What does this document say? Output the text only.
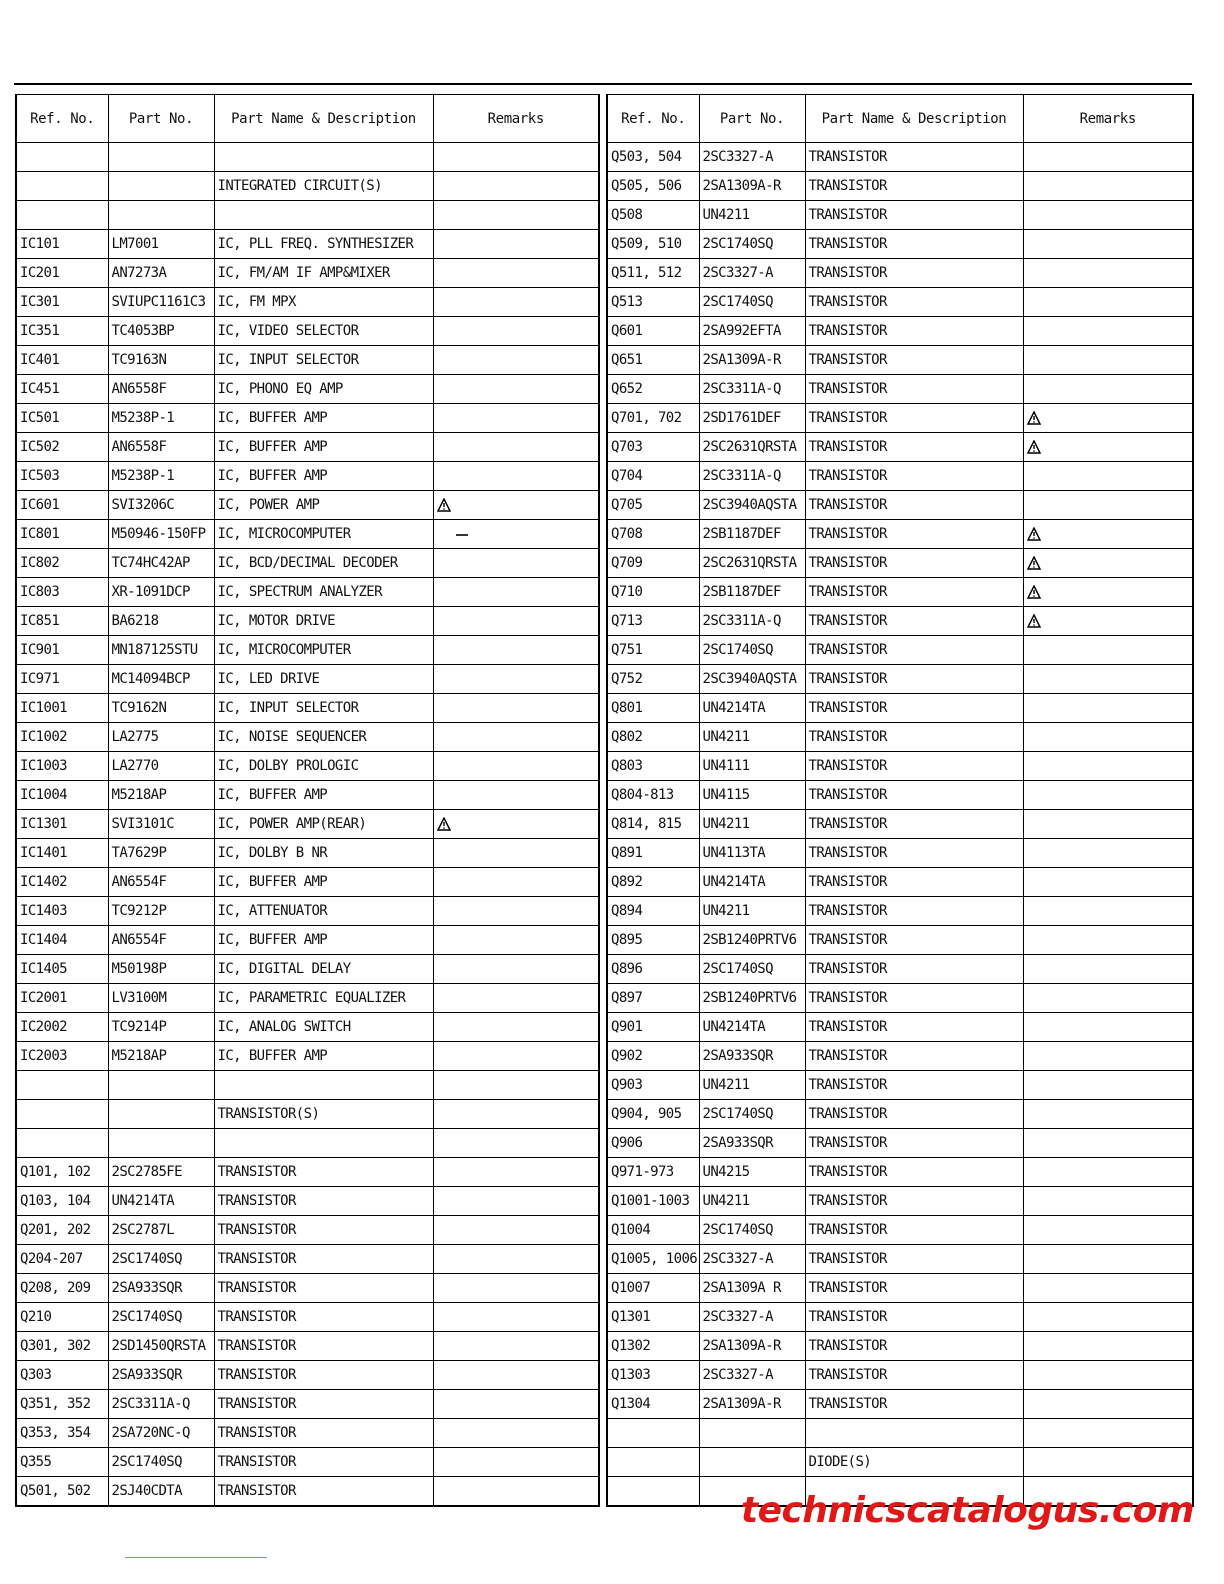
Ref. No.	Part No.	Part Name & Description	Remarks

		INTEGRATED CIRCUIT(S)	

IC101	LM7001	IC, PLL FREQ. SYNTHESIZER	
IC201	AN7273A	IC, FM/AM IF AMP&MIXER	
IC301	SVIUPC1161C3	IC, FM MPX	
IC351	TC4053BP	IC, VIDEO SELECTOR	
IC401	TC9163N	IC, INPUT SELECTOR	
IC451	AN6558F	IC, PHONO EQ AMP	
IC501	M5238P-1	IC, BUFFER AMP	
IC502	AN6558F	IC, BUFFER AMP	
IC503	M5238P-1	IC, BUFFER AMP	
IC601	SVI3206C	IC, POWER AMP	
IC801	M50946-150FP	IC, MICROCOMPUTER	
IC802	TC74HC42AP	IC, BCD/DECIMAL DECODER	
IC803	XR-1091DCP	IC, SPECTRUM ANALYZER	
IC851	BA6218	IC, MOTOR DRIVE	
IC901	MN187125STU	IC, MICROCOMPUTER	
IC971	MC14094BCP	IC, LED DRIVE	
IC1001	TC9162N	IC, INPUT SELECTOR	
IC1002	LA2775	IC, NOISE SEQUENCER	
IC1003	LA2770	IC, DOLBY PROLOGIC	
IC1004	M5218AP	IC, BUFFER AMP	
IC1301	SVI3101C	IC, POWER AMP(REAR)	
IC1401	TA7629P	IC, DOLBY B NR	
IC1402	AN6554F	IC, BUFFER AMP	
IC1403	TC9212P	IC, ATTENUATOR	
IC1404	AN6554F	IC, BUFFER AMP	
IC1405	M50198P	IC, DIGITAL DELAY	
IC2001	LV3100M	IC, PARAMETRIC EQUALIZER	
IC2002	TC9214P	IC, ANALOG SWITCH	
IC2003	M5218AP	IC, BUFFER AMP	

		TRANSISTOR(S)	

Q101, 102	2SC2785FE	TRANSISTOR	
Q103, 104	UN4214TA	TRANSISTOR	
Q201, 202	2SC2787L	TRANSISTOR	
Q204-207	2SC1740SQ	TRANSISTOR	
Q208, 209	2SA933SQR	TRANSISTOR	
Q210	2SC1740SQ	TRANSISTOR	
Q301, 302	2SD1450QRSTA	TRANSISTOR	
Q303	2SA933SQR	TRANSISTOR	
Q351, 352	2SC3311A-Q	TRANSISTOR	
Q353, 354	2SA720NC-Q	TRANSISTOR	
Q355	2SC1740SQ	TRANSISTOR	
Q501, 502	2SJ40CDTA	TRANSISTOR	
Ref. No.	Part No.	Part Name & Description	Remarks
Q503, 504	2SC3327-A	TRANSISTOR	
Q505, 506	2SA1309A-R	TRANSISTOR	
Q508	UN4211	TRANSISTOR	
Q509, 510	2SC1740SQ	TRANSISTOR	
Q511, 512	2SC3327-A	TRANSISTOR	
Q513	2SC1740SQ	TRANSISTOR	
Q601	2SA992EFTA	TRANSISTOR	
Q651	2SA1309A-R	TRANSISTOR	
Q652	2SC3311A-Q	TRANSISTOR	
Q701, 702	2SD1761DEF	TRANSISTOR	
Q703	2SC2631QRSTA	TRANSISTOR	
Q704	2SC3311A-Q	TRANSISTOR	
Q705	2SC3940AQSTA	TRANSISTOR	
Q708	2SB1187DEF	TRANSISTOR	
Q709	2SC2631QRSTA	TRANSISTOR	
Q710	2SB1187DEF	TRANSISTOR	
Q713	2SC3311A-Q	TRANSISTOR	
Q751	2SC1740SQ	TRANSISTOR	
Q752	2SC3940AQSTA	TRANSISTOR	
Q801	UN4214TA	TRANSISTOR	
Q802	UN4211	TRANSISTOR	
Q803	UN4111	TRANSISTOR	
Q804-813	UN4115	TRANSISTOR	
Q814, 815	UN4211	TRANSISTOR	
Q891	UN4113TA	TRANSISTOR	
Q892	UN4214TA	TRANSISTOR	
Q894	UN4211	TRANSISTOR	
Q895	2SB1240PRTV6	TRANSISTOR	
Q896	2SC1740SQ	TRANSISTOR	
Q897	2SB1240PRTV6	TRANSISTOR	
Q901	UN4214TA	TRANSISTOR	
Q902	2SA933SQR	TRANSISTOR	
Q903	UN4211	TRANSISTOR	
Q904, 905	2SC1740SQ	TRANSISTOR	
Q906	2SA933SQR	TRANSISTOR	
Q971-973	UN4215	TRANSISTOR	
Q1001-1003	UN4211	TRANSISTOR	
Q1004	2SC1740SQ	TRANSISTOR	
Q1005, 1006	2SC3327-A	TRANSISTOR	
Q1007	2SA1309A R	TRANSISTOR	
Q1301	2SC3327-A	TRANSISTOR	
Q1302	2SA1309A-R	TRANSISTOR	
Q1303	2SC3327-A	TRANSISTOR	
Q1304	2SA1309A-R	TRANSISTOR	

		DIODE(S)	

technicscatalogus.com
